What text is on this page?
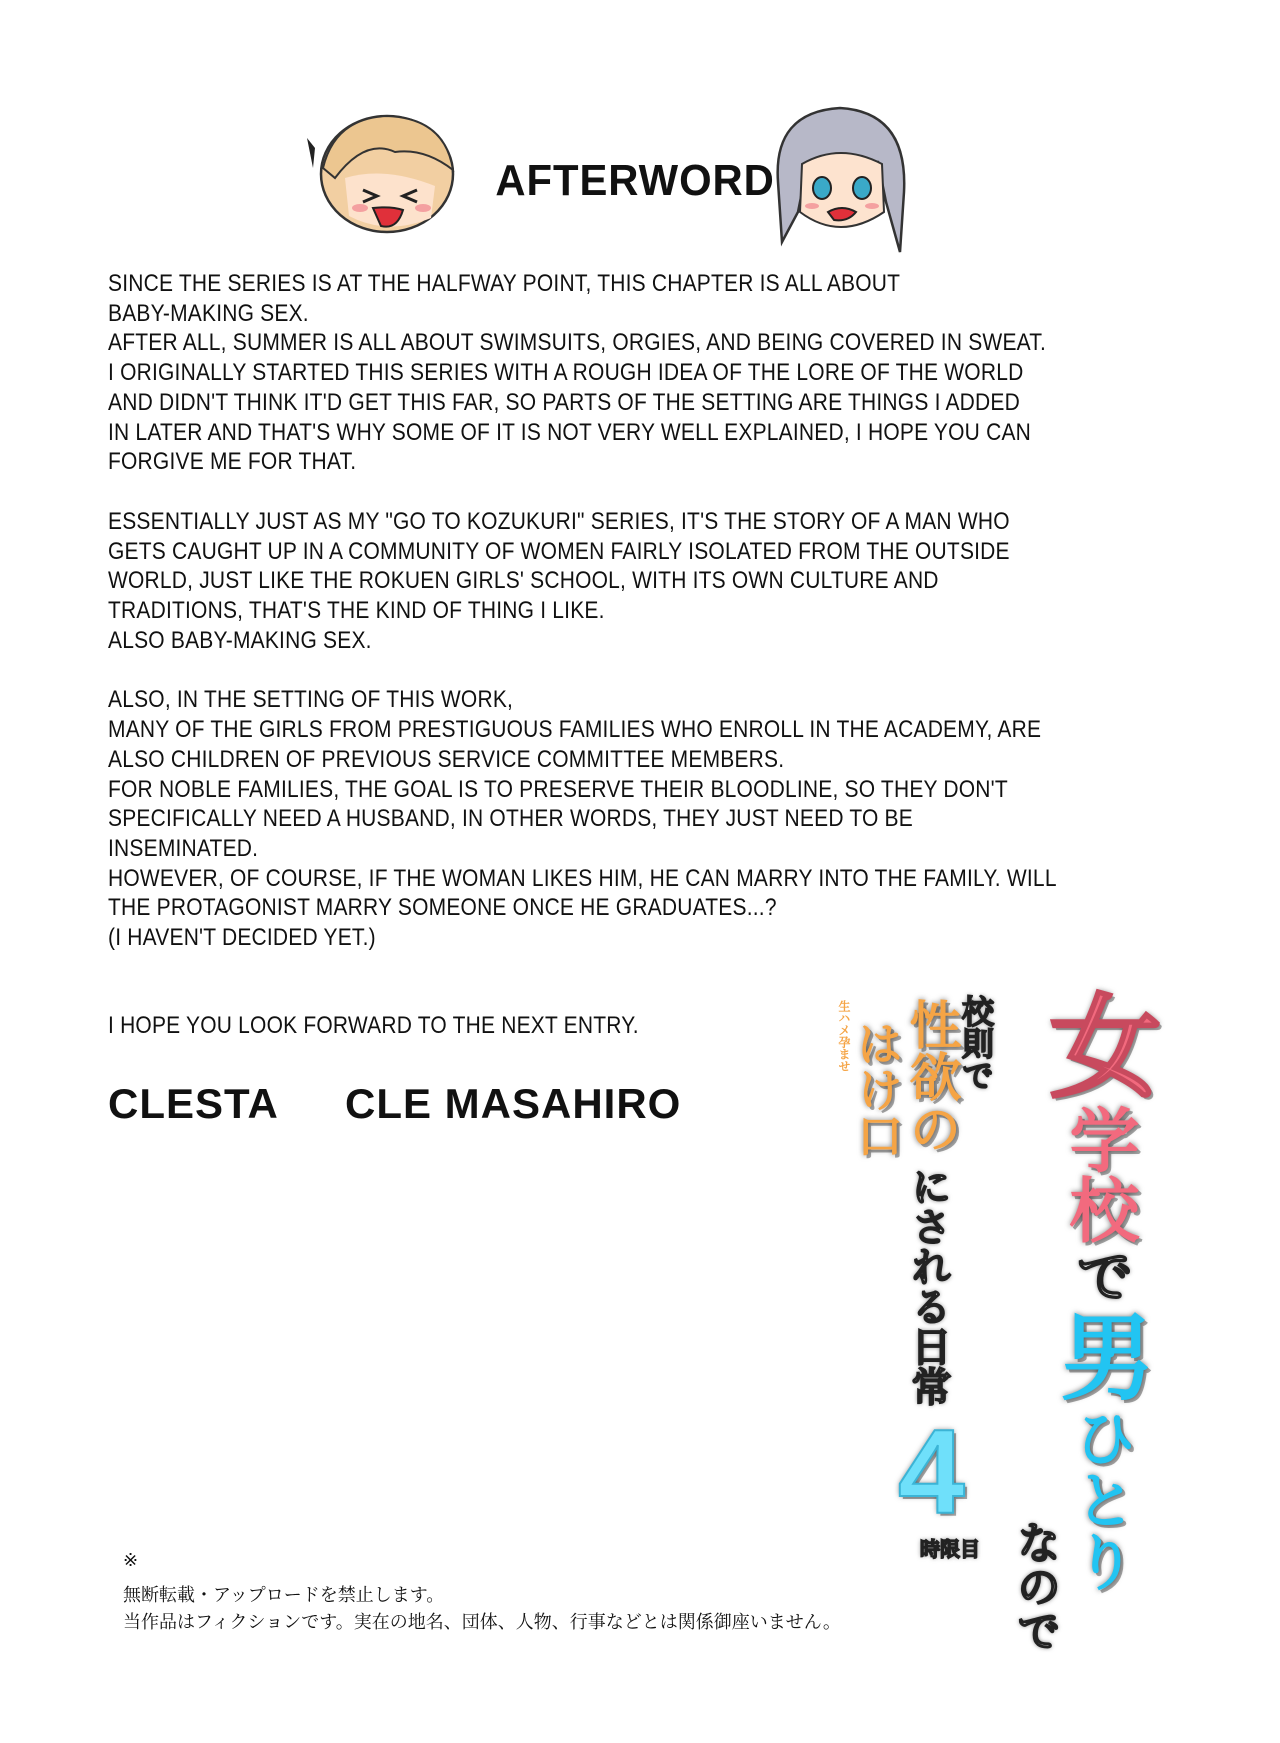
AFTERWORD
SINCE THE SERIES IS AT THE HALFWAY POINT, THIS CHAPTER IS ALL ABOUT
BABY-MAKING SEX.
AFTER ALL, SUMMER IS ALL ABOUT SWIMSUITS, ORGIES, AND BEING COVERED IN SWEAT.
I ORIGINALLY STARTED THIS SERIES WITH A ROUGH IDEA OF THE LORE OF THE WORLD
AND DIDN'T THINK IT'D GET THIS FAR, SO PARTS OF THE SETTING ARE THINGS I ADDED
IN LATER AND THAT'S WHY SOME OF IT IS NOT VERY WELL EXPLAINED, I HOPE YOU CAN
FORGIVE ME FOR THAT.
ESSENTIALLY JUST AS MY "GO TO KOZUKURI" SERIES, IT'S THE STORY OF A MAN WHO
GETS CAUGHT UP IN A COMMUNITY OF WOMEN FAIRLY ISOLATED FROM THE OUTSIDE
WORLD, JUST LIKE THE ROKUEN GIRLS' SCHOOL, WITH ITS OWN CULTURE AND
TRADITIONS, THAT'S THE KIND OF THING I LIKE.
ALSO BABY-MAKING SEX.
ALSO, IN THE SETTING OF THIS WORK,
MANY OF THE GIRLS FROM PRESTIGUOUS FAMILIES WHO ENROLL IN THE ACADEMY, ARE
ALSO CHILDREN OF PREVIOUS SERVICE COMMITTEE MEMBERS.
FOR NOBLE FAMILIES, THE GOAL IS TO PRESERVE THEIR BLOODLINE, SO THEY DON'T
SPECIFICALLY NEED A HUSBAND, IN OTHER WORDS, THEY JUST NEED TO BE
INSEMINATED.
HOWEVER, OF COURSE, IF THE WOMAN LIKES HIM, HE CAN MARRY INTO THE FAMILY. WILL
THE PROTAGONIST MARRY SOMEONE ONCE HE GRADUATES...?
(I HAVEN'T DECIDED YET.)
I HOPE YOU LOOK FORWARD TO THE NEXT ENTRY.
CLESTA CLE MASAHIRO
※
無断転載・アップロードを禁止します。
当作品はフィクションです。実在の地名、団体、人物、行事などとは関係御座いません。
女
学校
で
男
ひとり
なので
校則で
性欲の
はけ口
生ハメ孕ませ
にされる日常
4
時限目
